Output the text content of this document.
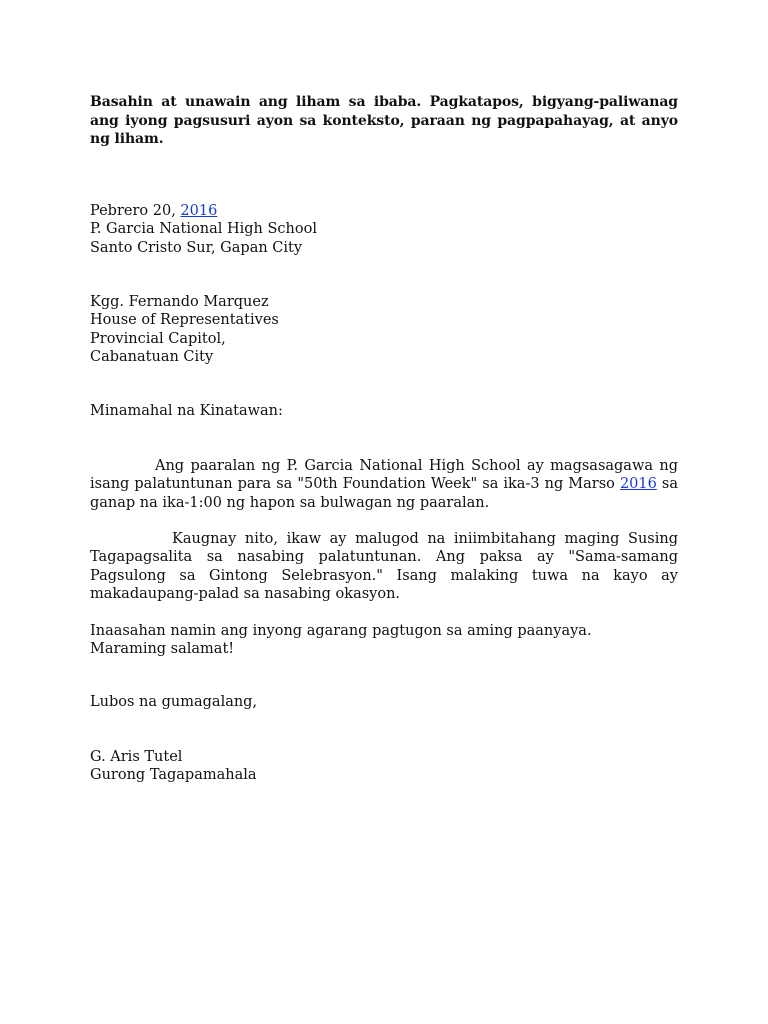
Basahin at unawain ang liham sa ibaba. Pagkatapos, bigyang-paliwanag ang iyong pagsusuri ayon sa konteksto, paraan ng pagpapahayag, at anyo ng liham.
Pebrero 20, 2016
P. Garcia National High School
Santo Cristo Sur, Gapan City
Kgg. Fernando Marquez
House of Representatives
Provincial Capitol,
Cabanatuan City
Minamahal na Kinatawan:
Ang paaralan ng P. Garcia National High School ay magsasagawa ng isang palatuntunan para sa "50th Foundation Week" sa ika-3 ng Marso 2016 sa ganap na ika-1:00 ng hapon sa bulwagan ng paaralan.
Kaugnay nito, ikaw ay malugod na iniimbitahang maging Susing Tagapagsalita sa nasabing palatuntunan. Ang paksa ay "Sama-samang Pagsulong sa Gintong Selebrasyon." Isang malaking tuwa na kayo ay makadaupang-palad sa nasabing okasyon.
Inaasahan namin ang inyong agarang pagtugon sa aming paanyaya.
Maraming salamat!
Lubos na gumagalang,
G. Aris Tutel
Gurong Tagapamahala
